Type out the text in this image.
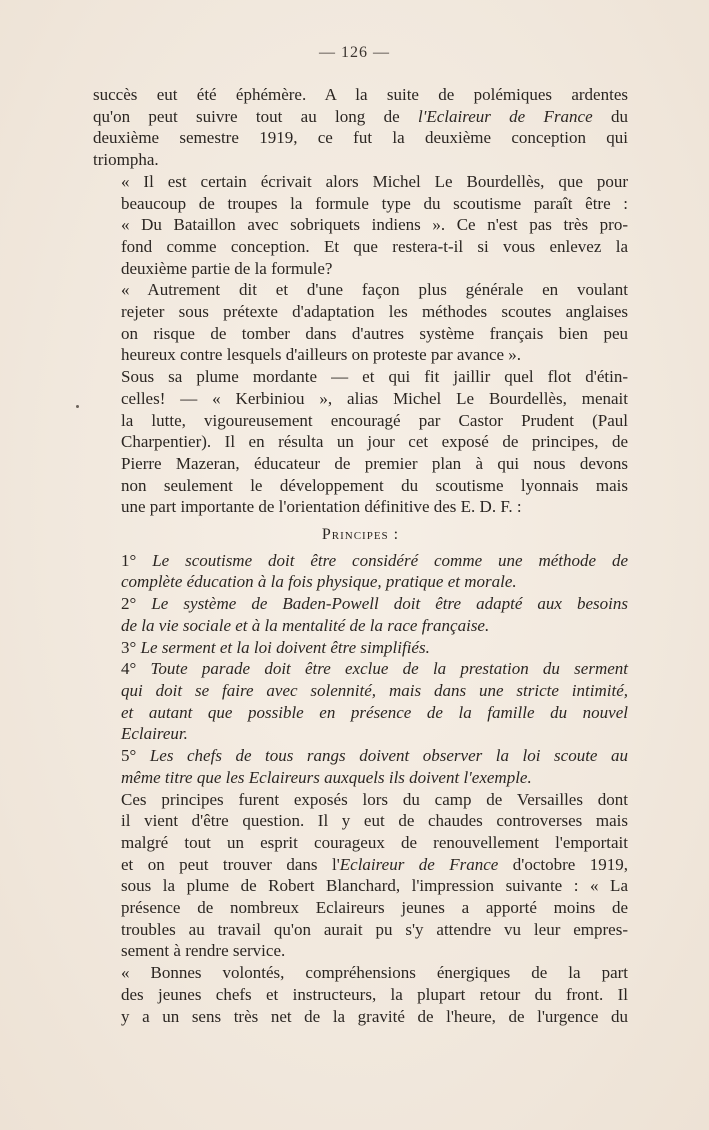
— 126 —

succès eut été éphémère. A la suite de polémiques ardentes
qu'on peut suivre tout au long de l'Eclaireur de France du
deuxième semestre 1919, ce fut la deuxième conception qui
triompha.

« Il est certain écrivait alors Michel Le Bourdellès, que pour
beaucoup de troupes la formule type du scoutisme paraît être :
« Du Bataillon avec sobriquets indiens ». Ce n'est pas très pro-
fond comme conception. Et que restera-t-il si vous enlevez la
deuxième partie de la formule?

« Autrement dit et d'une façon plus générale en voulant
rejeter sous prétexte d'adaptation les méthodes scoutes anglaises
on risque de tomber dans d'autres système français bien peu
heureux contre lesquels d'ailleurs on proteste par avance ».

Sous sa plume mordante — et qui fit jaillir quel flot d'étin-
celles! — « Kerbiniou », alias Michel Le Bourdellès, menait
la lutte, vigoureusement encouragé par Castor Prudent (Paul
Charpentier). Il en résulta un jour cet exposé de principes, de
Pierre Mazeran, éducateur de premier plan à qui nous devons
non seulement le développement du scoutisme lyonnais mais
une part importante de l'orientation définitive des E. D. F. :

Principes :

1° Le scoutisme doit être considéré comme une méthode de
complète éducation à la fois physique, pratique et morale.

2° Le système de Baden-Powell doit être adapté aux besoins
de la vie sociale et à la mentalité de la race française.

3° Le serment et la loi doivent être simplifiés.

4° Toute parade doit être exclue de la prestation du serment
qui doit se faire avec solennité, mais dans une stricte intimité,
et autant que possible en présence de la famille du nouvel
Eclaireur.

5° Les chefs de tous rangs doivent observer la loi scoute au
même titre que les Eclaireurs auxquels ils doivent l'exemple.

Ces principes furent exposés lors du camp de Versailles dont
il vient d'être question. Il y eut de chaudes controverses mais
malgré tout un esprit courageux de renouvellement l'emportait
et on peut trouver dans l'Eclaireur de France d'octobre 1919,
sous la plume de Robert Blanchard, l'impression suivante : « La
présence de nombreux Eclaireurs jeunes a apporté moins de
troubles au travail qu'on aurait pu s'y attendre vu leur empres-
sement à rendre service.

« Bonnes volontés, compréhensions énergiques de la part
des jeunes chefs et instructeurs, la plupart retour du front. Il
y a un sens très net de la gravité de l'heure, de l'urgence du
